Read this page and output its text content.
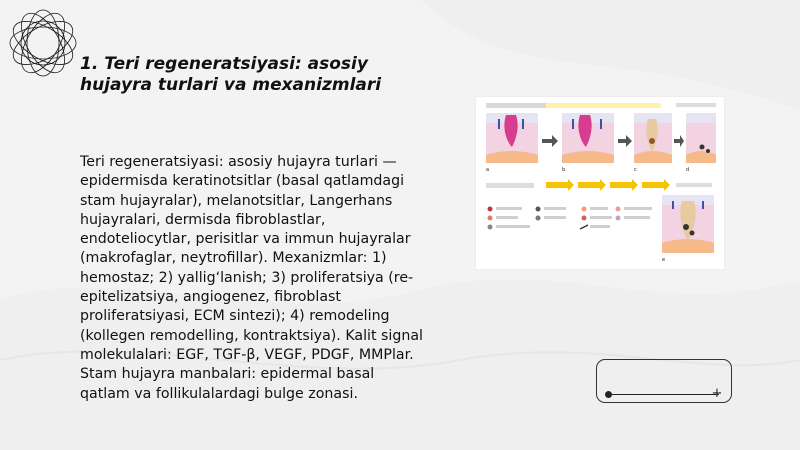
1. Teri regeneratsiyasi: asosiy hujayra turlari va mexanizmlari

Teri regeneratsiyasi: asosiy hujayra turlari — epidermisda keratinotsitlar (basal qatlamdagi stam hujayralar), melanotsitlar, Langerhans hujayralari, dermisda fibroblastlar, endoteliocytlar, perisitlar va immun hujayralar (makrofaglar, neytrofillar). Mexanizmlar: 1) hemostaz; 2) yallig‘lanish; 3) proliferatsiya (re-epitelizatsiya, angiogenez, fibroblast proliferatsiyasi, ECM sintezi); 4) remodeling (kollegen remodelling, kontraktsiya). Kalit signal molekulalari: EGF, TGF-β, VEGF, PDGF, MMPlar. Stam hujayra manbalari: epidermal basal qatlam va follikulalardagi bulge zonasi.

a	b	c	d
e
+
